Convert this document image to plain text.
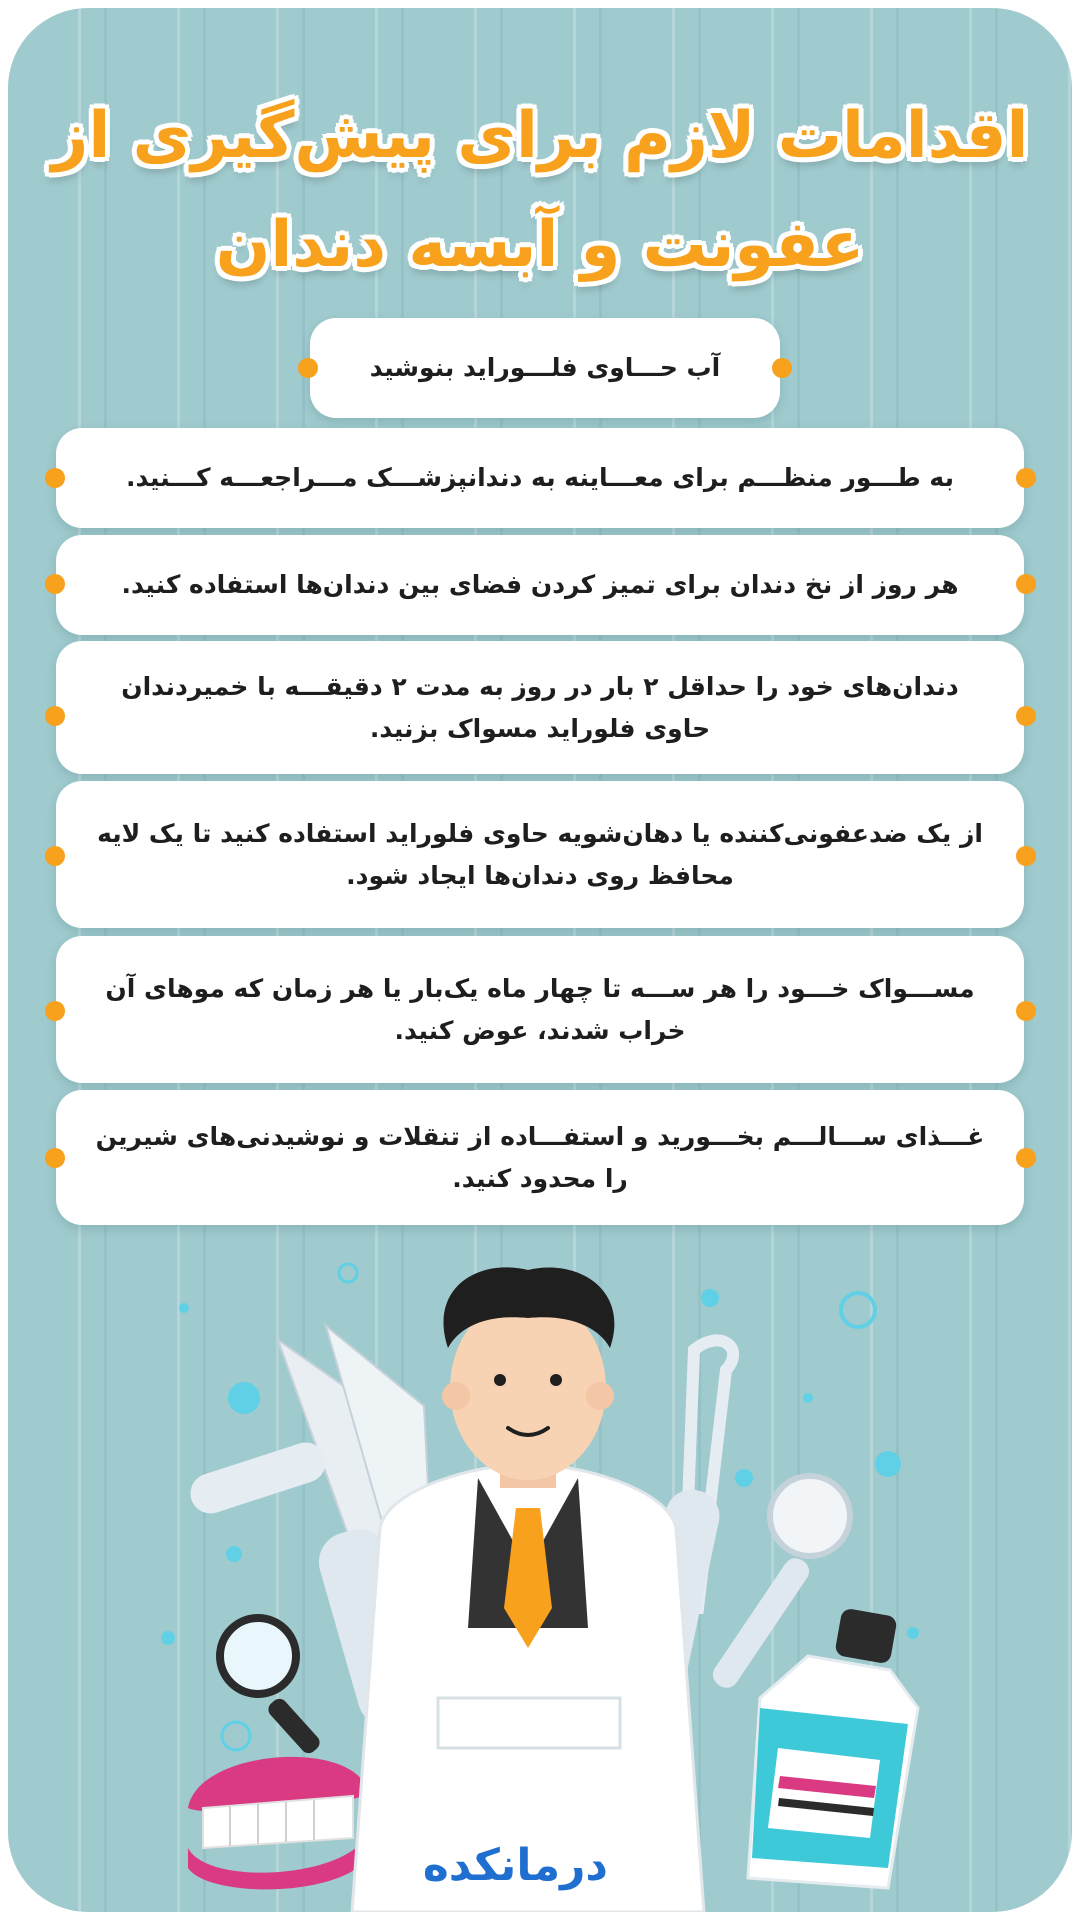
اقدامات لازم برای پیش‌گیری از
عفونت و آبسه دندان
آب حـــاوی فلـــوراید بنوشید
به طـــور منظـــم برای معـــاینه به دندانپزشـــک مـــراجعـــه کـــنید.
هر روز از نخ دندان برای تمیز کردن فضای بین دندان‌ها استفاده کنید.
دندان‌های خود را حداقل ۲ بار در روز به مدت ۲ دقیقـــه با خمیردندان حاوی فلوراید مسواک بزنید.
از یک ضدعفونی‌کننده یا دهان‌شویه حاوی فلوراید استفاده کنید تا یک لایه محافظ روی دندان‌ها ایجاد شود.
مســـواک خـــود را هر ســـه تا چهار ماه یک‌بار یا هر زمان که موهای آن خراب شدند، عوض کنید.
غـــذای ســـالـــم بخـــورید و استفـــاده از تنقلات و نوشیدنی‌های شیرین را محدود کنید.
درمانکده
